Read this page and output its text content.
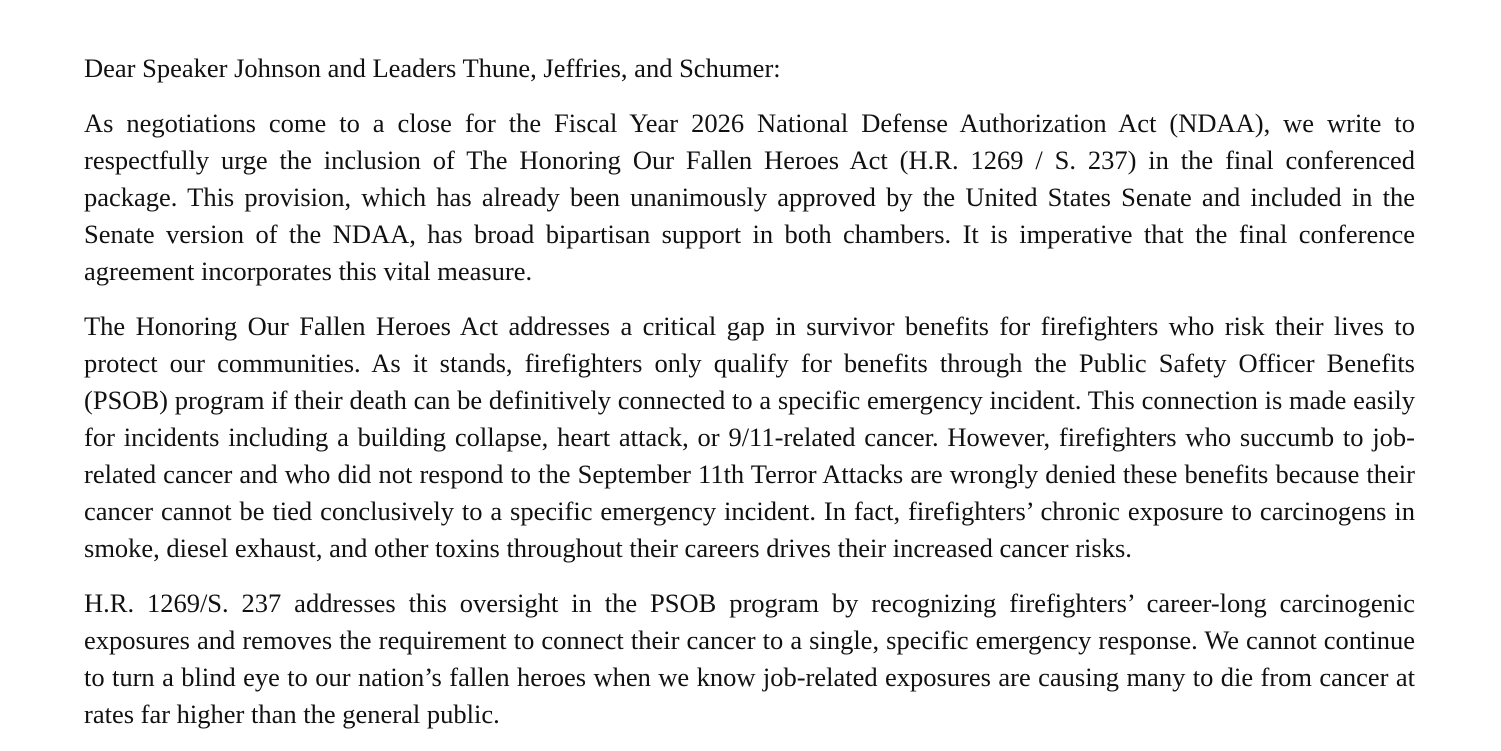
Dear Speaker Johnson and Leaders Thune, Jeffries, and Schumer:

As negotiations come to a close for the Fiscal Year 2026 National Defense Authorization Act (NDAA), we write to respectfully urge the inclusion of The Honoring Our Fallen Heroes Act (H.R. 1269 / S. 237) in the final conferenced package. This provision, which has already been unanimously approved by the United States Senate and included in the Senate version of the NDAA, has broad bipartisan support in both chambers. It is imperative that the final conference agreement incorporates this vital measure.

The Honoring Our Fallen Heroes Act addresses a critical gap in survivor benefits for firefighters who risk their lives to protect our communities. As it stands, firefighters only qualify for benefits through the Public Safety Officer Benefits (PSOB) program if their death can be definitively connected to a specific emergency incident. This connection is made easily for incidents including a building collapse, heart attack, or 9/11-related cancer. However, firefighters who succumb to job-related cancer and who did not respond to the September 11th Terror Attacks are wrongly denied these benefits because their cancer cannot be tied conclusively to a specific emergency incident. In fact, firefighters’ chronic exposure to carcinogens in smoke, diesel exhaust, and other toxins throughout their careers drives their increased cancer risks.

H.R. 1269/S. 237 addresses this oversight in the PSOB program by recognizing firefighters’ career-long carcinogenic exposures and removes the requirement to connect their cancer to a single, specific emergency response. We cannot continue to turn a blind eye to our nation’s fallen heroes when we know job-related exposures are causing many to die from cancer at rates far higher than the general public.
